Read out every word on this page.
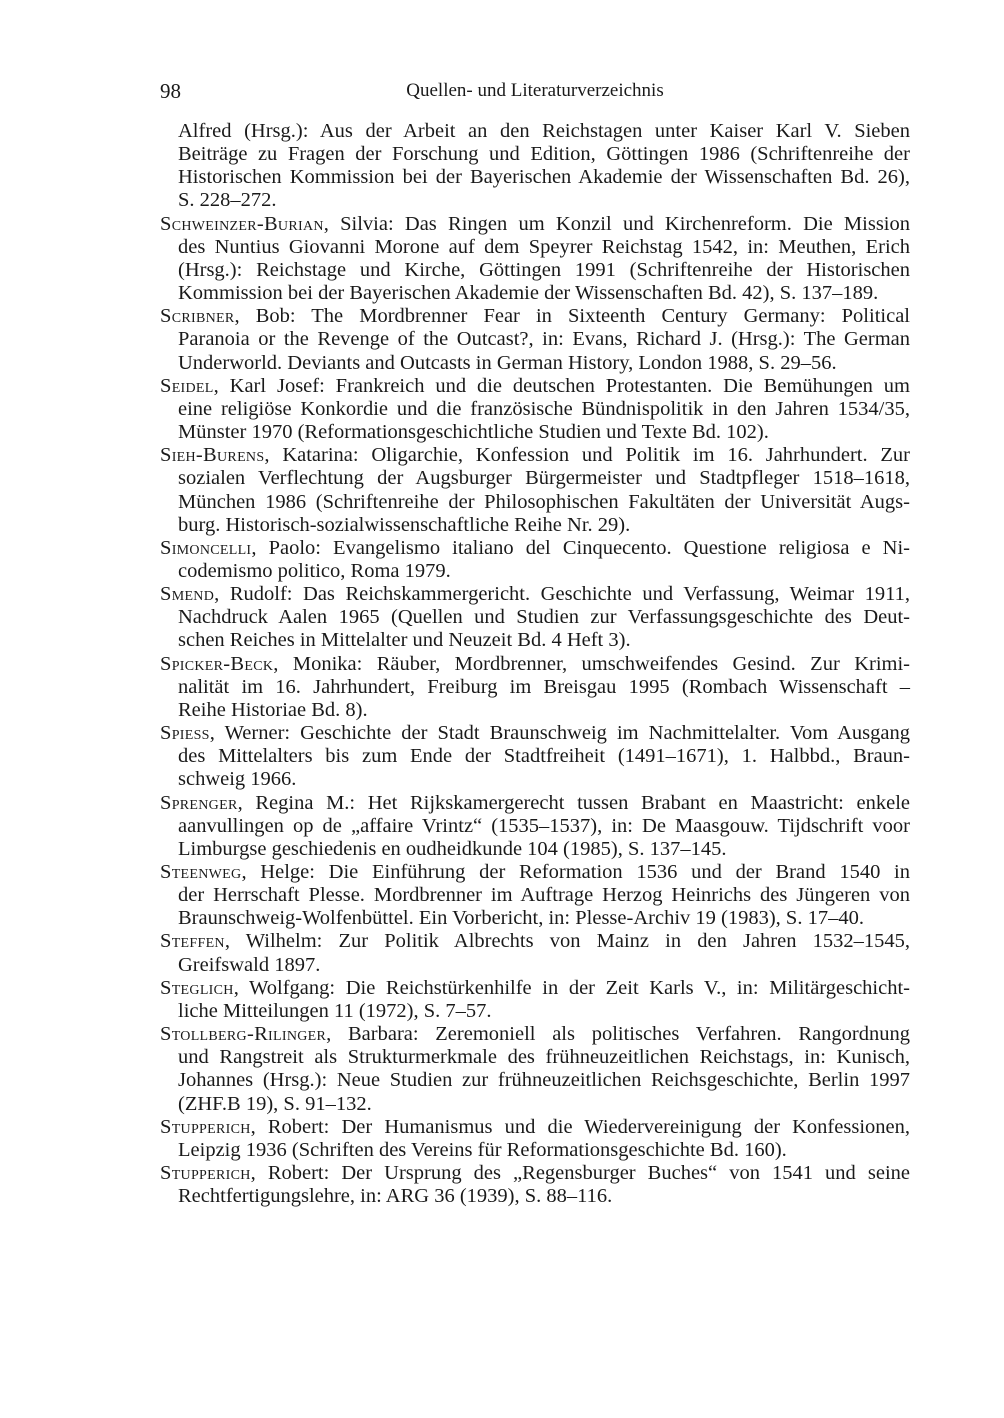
98	Quellen- und Literaturverzeichnis
Alfred (Hrsg.): Aus der Arbeit an den Reichstagen unter Kaiser Karl V. Sieben
Beiträge zu Fragen der Forschung und Edition, Göttingen 1986 (Schriftenreihe der
Historischen Kommission bei der Bayerischen Akademie der Wissenschaften Bd. 26),
S. 228–272.
Schweinzer-Burian, Silvia: Das Ringen um Konzil und Kirchenreform. Die Mission
des Nuntius Giovanni Morone auf dem Speyrer Reichstag 1542, in: Meuthen, Erich
(Hrsg.): Reichstage und Kirche, Göttingen 1991 (Schriftenreihe der Historischen
Kommission bei der Bayerischen Akademie der Wissenschaften Bd. 42), S. 137–189.
Scribner, Bob: The Mordbrenner Fear in Sixteenth Century Germany: Political
Paranoia or the Revenge of the Outcast?, in: Evans, Richard J. (Hrsg.): The German
Underworld. Deviants and Outcasts in German History, London 1988, S. 29–56.
Seidel, Karl Josef: Frankreich und die deutschen Protestanten. Die Bemühungen um
eine religiöse Konkordie und die französische Bündnispolitik in den Jahren 1534/35,
Münster 1970 (Reformationsgeschichtliche Studien und Texte Bd. 102).
Sieh-Burens, Katarina: Oligarchie, Konfession und Politik im 16. Jahrhundert. Zur
sozialen Verflechtung der Augsburger Bürgermeister und Stadtpfleger 1518–1618,
München 1986 (Schriftenreihe der Philosophischen Fakultäten der Universität Augs-
burg. Historisch-sozialwissenschaftliche Reihe Nr. 29).
Simoncelli, Paolo: Evangelismo italiano del Cinquecento. Questione religiosa e Ni-
codemismo politico, Roma 1979.
Smend, Rudolf: Das Reichskammergericht. Geschichte und Verfassung, Weimar 1911,
Nachdruck Aalen 1965 (Quellen und Studien zur Verfassungsgeschichte des Deut-
schen Reiches in Mittelalter und Neuzeit Bd. 4 Heft 3).
Spicker-Beck, Monika: Räuber, Mordbrenner, umschweifendes Gesind. Zur Krimi-
nalität im 16. Jahrhundert, Freiburg im Breisgau 1995 (Rombach Wissenschaft –
Reihe Historiae Bd. 8).
Spiess, Werner: Geschichte der Stadt Braunschweig im Nachmittelalter. Vom Ausgang
des Mittelalters bis zum Ende der Stadtfreiheit (1491–1671), 1. Halbbd., Braun-
schweig 1966.
Sprenger, Regina M.: Het Rijkskamergerecht tussen Brabant en Maastricht: enkele
aanvullingen op de „affaire Vrintz“ (1535–1537), in: De Maasgouw. Tijdschrift voor
Limburgse geschiedenis en oudheidkunde 104 (1985), S. 137–145.
Steenweg, Helge: Die Einführung der Reformation 1536 und der Brand 1540 in
der Herrschaft Plesse. Mordbrenner im Auftrage Herzog Heinrichs des Jüngeren von
Braunschweig-Wolfenbüttel. Ein Vorbericht, in: Plesse-Archiv 19 (1983), S. 17–40.
Steffen, Wilhelm: Zur Politik Albrechts von Mainz in den Jahren 1532–1545,
Greifswald 1897.
Steglich, Wolfgang: Die Reichstürkenhilfe in der Zeit Karls V., in: Militärgeschicht-
liche Mitteilungen 11 (1972), S. 7–57.
Stollberg-Rilinger, Barbara: Zeremoniell als politisches Verfahren. Rangordnung
und Rangstreit als Strukturmerkmale des frühneuzeitlichen Reichstags, in: Kunisch,
Johannes (Hrsg.): Neue Studien zur frühneuzeitlichen Reichsgeschichte, Berlin 1997
(ZHF.B 19), S. 91–132.
Stupperich, Robert: Der Humanismus und die Wiedervereinigung der Konfessionen,
Leipzig 1936 (Schriften des Vereins für Reformationsgeschichte Bd. 160).
Stupperich, Robert: Der Ursprung des „Regensburger Buches“ von 1541 und seine
Rechtfertigungslehre, in: ARG 36 (1939), S. 88–116.
